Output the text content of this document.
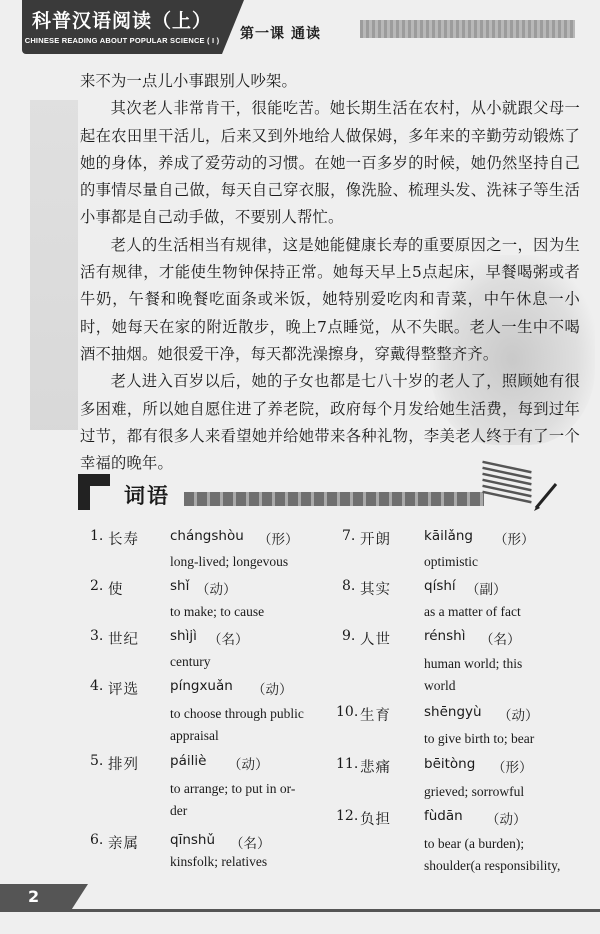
科普汉语阅读（上）
CHINESE READING ABOUT POPULAR SCIENCE ( I ) 第一课 通读

来不为一点儿小事跟别人吵架。

其次老人非常肯干，很能吃苦。她长期生活在农村，从小就跟父母一起在农田里干活儿，后来又到外地给人做保姆，多年来的辛勤劳动锻炼了她的身体，养成了爱劳动的习惯。在她一百多岁的时候，她仍然坚持自己的事情尽量自己做，每天自己穿衣服，像洗脸、梳理头发、洗袜子等生活小事都是自己动手做，不要别人帮忙。

老人的生活相当有规律，这是她能健康长寿的重要原因之一，因为生活有规律，才能使生物钟保持正常。她每天早上5点起床，早餐喝粥或者牛奶，午餐和晚餐吃面条或米饭，她特别爱吃肉和青菜，中午休息一小时，她每天在家的附近散步，晚上7点睡觉，从不失眠。老人一生中不喝酒不抽烟。她很爱干净，每天都洗澡擦身，穿戴得整整齐齐。

老人进入百岁以后，她的子女也都是七八十岁的老人了，照顾她有很多困难，所以她自愿住进了养老院，政府每个月发给她生活费，每到过年过节，都有很多人来看望她并给她带来各种礼物，李美老人终于有了一个幸福的晚年。

词语
1. 长寿 chángshòu （形）
long-lived; longevous
2. 使	shǐ （动）
to make; to cause
3. 世纪 shìjì （名）
century
4. 评选 píngxuǎn （动）
to choose through public
appraisal
5. 排列 páiliè （动）
to arrange; to put in or-
der
6. 亲属 qīnshǔ （名）
kinsfolk; relatives
7. 开朗 kāilǎng （形）
optimistic
8. 其实 qíshí （副）
as a matter of fact
9. 人世 rénshì （名）
human world; this
world
10. 生育 shēngyù （动）
to give birth to; bear
11. 悲痛 bēitòng （形）
grieved; sorrowful
12. 负担 fùdān （动）
to bear (a burden);
shoulder(a responsibility,
2
